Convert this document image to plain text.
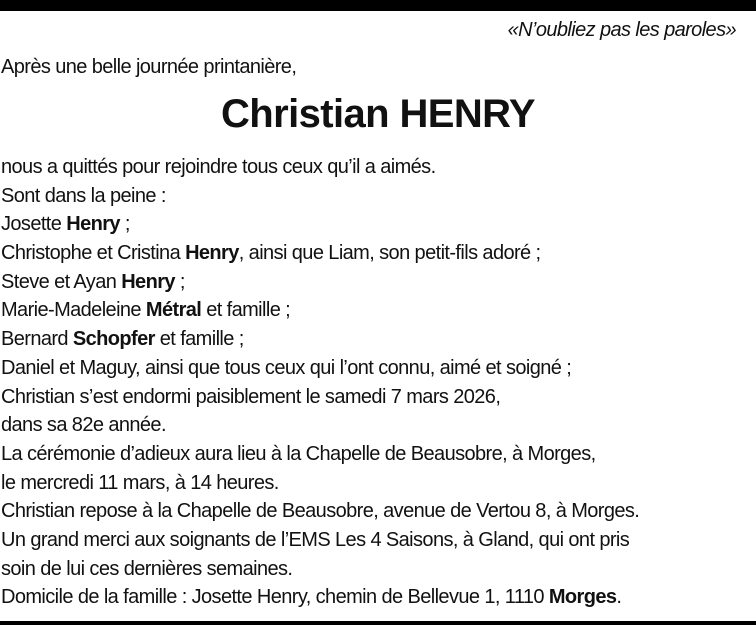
«N’oubliez pas les paroles»
Après une belle journée printanière,
Christian HENRY
nous a quittés pour rejoindre tous ceux qu’il a aimés.
Sont dans la peine :
Josette Henry ;
Christophe et Cristina Henry, ainsi que Liam, son petit-fils adoré ;
Steve et Ayan Henry ;
Marie-Madeleine Métral et famille ;
Bernard Schopfer et famille ;
Daniel et Maguy, ainsi que tous ceux qui l’ont connu, aimé et soigné ;
Christian s’est endormi paisiblement le samedi 7 mars 2026,
dans sa 82e année.
La cérémonie d’adieux aura lieu à la Chapelle de Beausobre, à Morges,
le mercredi 11 mars, à 14 heures.
Christian repose à la Chapelle de Beausobre, avenue de Vertou 8, à Morges.
Un grand merci aux soignants de l’EMS Les 4 Saisons, à Gland, qui ont pris
soin de lui ces dernières semaines.
Domicile de la famille : Josette Henry, chemin de Bellevue 1, 1110 Morges.
